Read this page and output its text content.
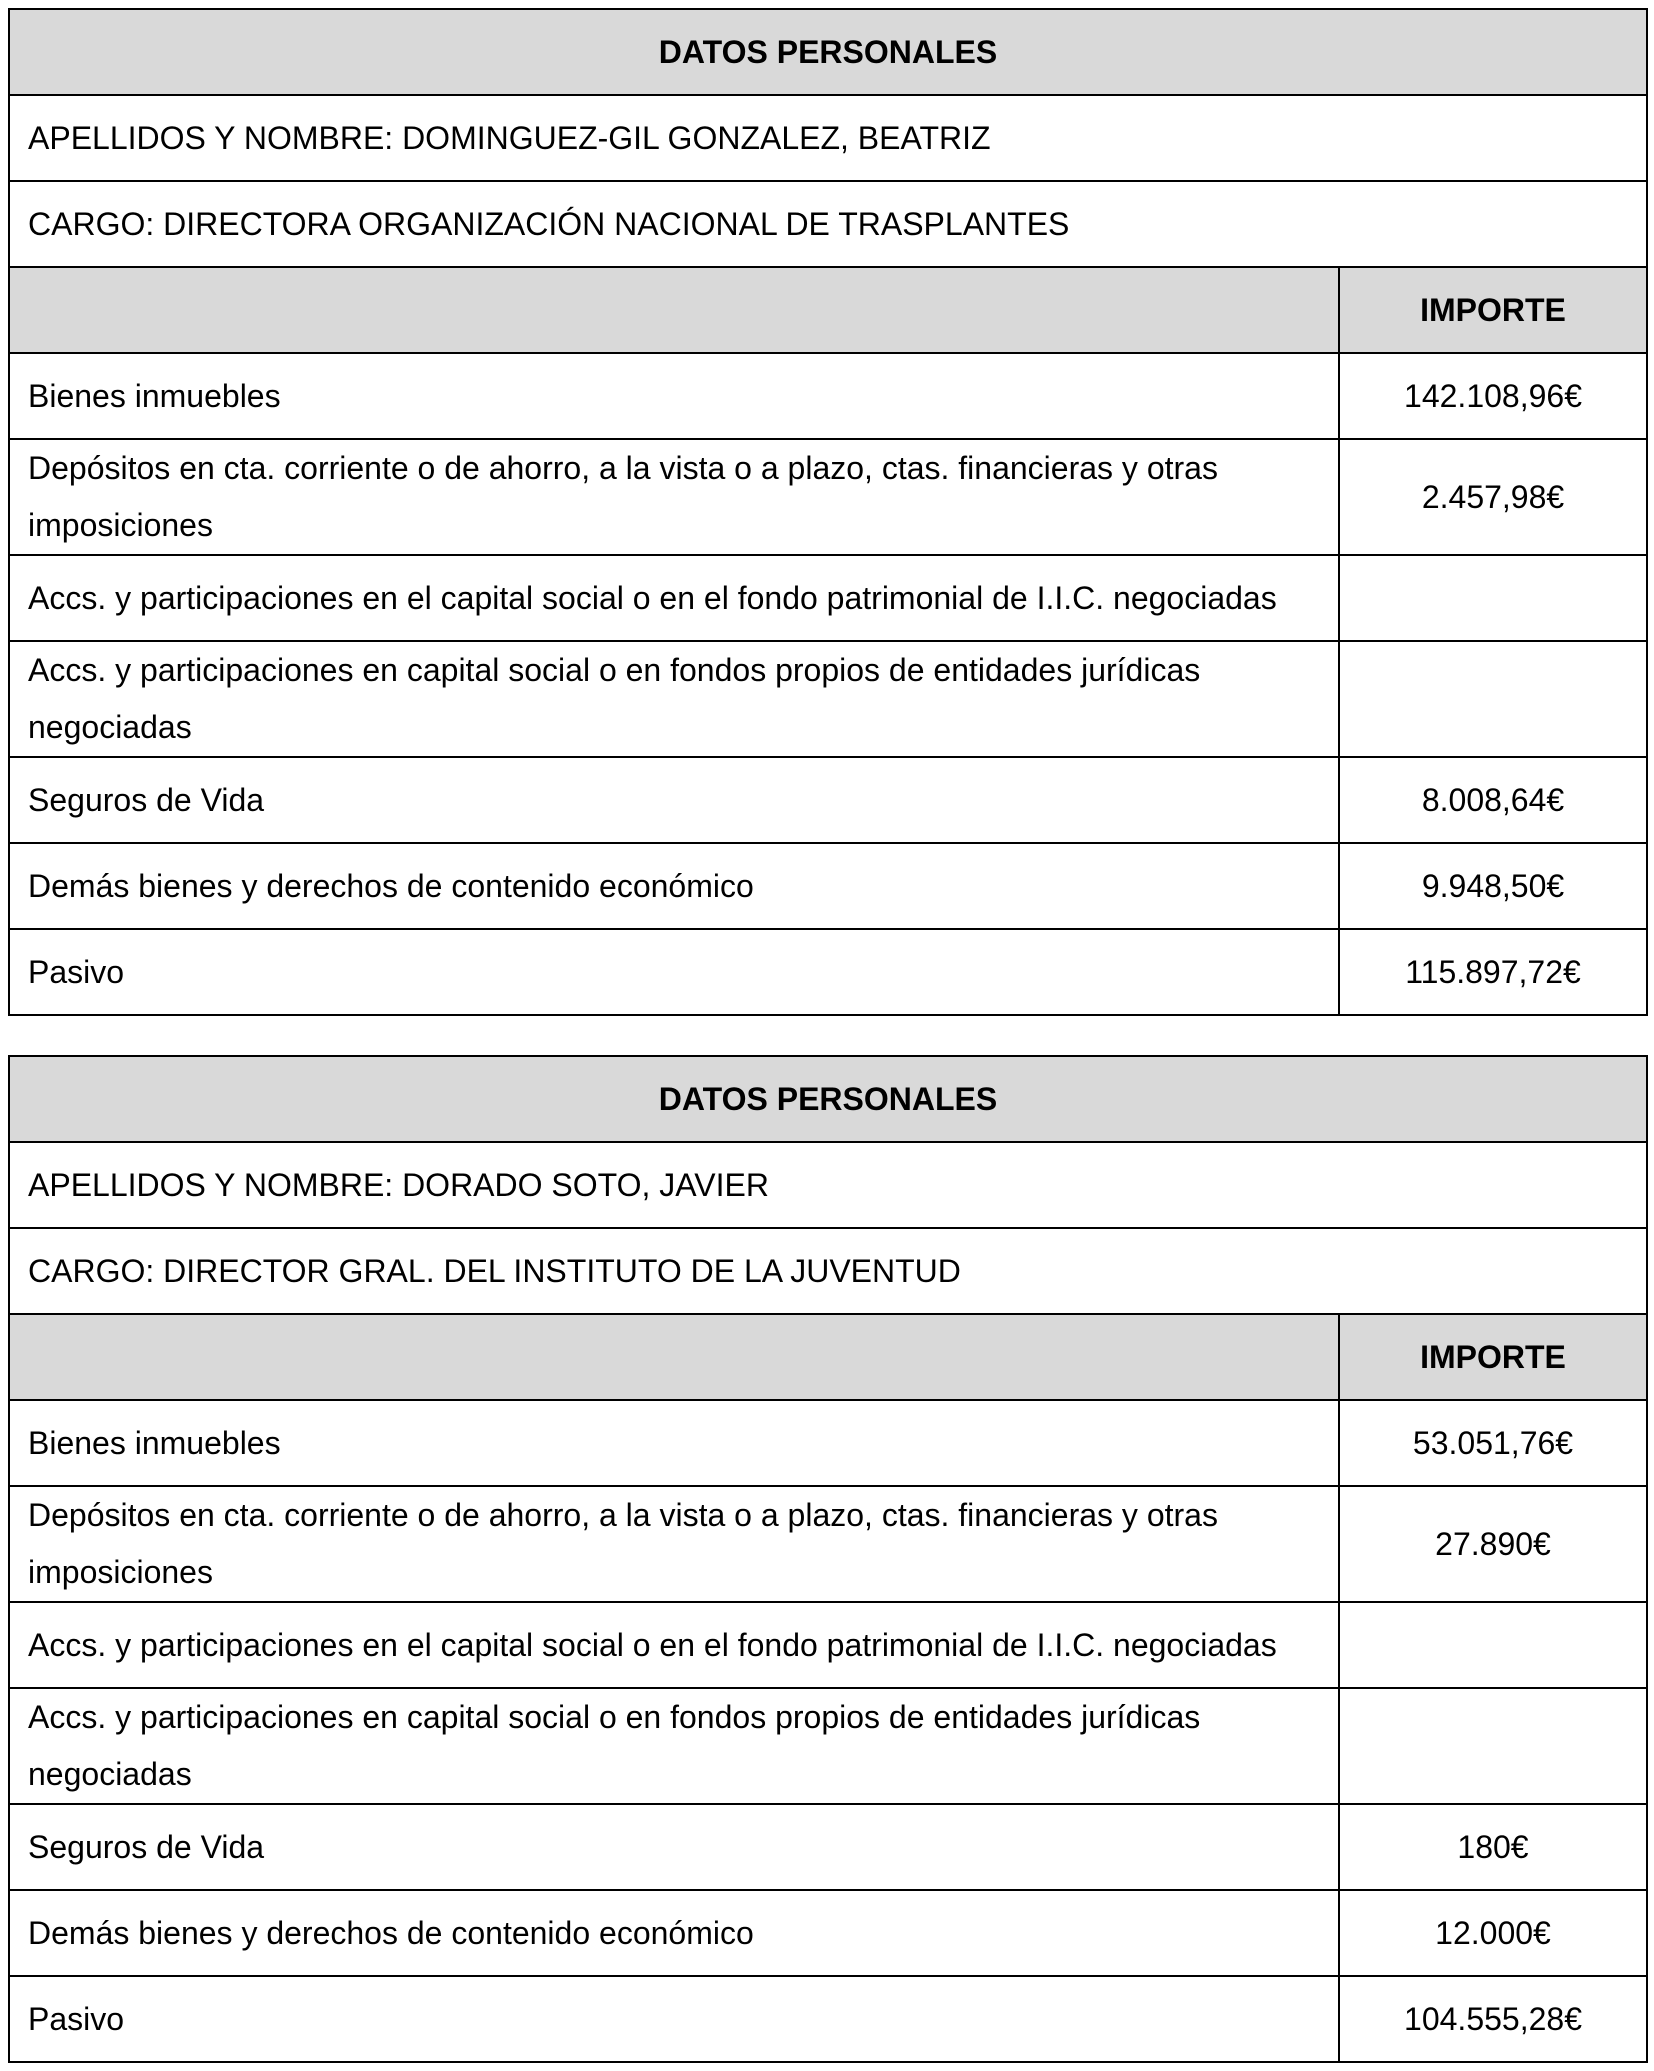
DATOS PERSONALES	
APELLIDOS Y NOMBRE: DOMINGUEZ-GIL GONZALEZ, BEATRIZ	
CARGO: DIRECTORA ORGANIZACIÓN NACIONAL DE TRASPLANTES	
	IMPORTE
Bienes inmuebles	142.108,96€
Depósitos en cta. corriente o de ahorro, a la vista o a plazo, ctas. financieras y otras imposiciones	2.457,98€
Accs. y participaciones en el capital social o en el fondo patrimonial de I.I.C. negociadas	
Accs. y participaciones en capital social o en fondos propios de entidades jurídicas negociadas	
Seguros de Vida	8.008,64€
Demás bienes y derechos de contenido económico	9.948,50€
Pasivo	115.897,72€
DATOS PERSONALES	
APELLIDOS Y NOMBRE: DORADO SOTO, JAVIER	
CARGO: DIRECTOR GRAL. DEL INSTITUTO DE LA JUVENTUD	
	IMPORTE
Bienes inmuebles	53.051,76€
Depósitos en cta. corriente o de ahorro, a la vista o a plazo, ctas. financieras y otras imposiciones	27.890€
Accs. y participaciones en el capital social o en el fondo patrimonial de I.I.C. negociadas	
Accs. y participaciones en capital social o en fondos propios de entidades jurídicas negociadas	
Seguros de Vida	180€
Demás bienes y derechos de contenido económico	12.000€
Pasivo	104.555,28€
